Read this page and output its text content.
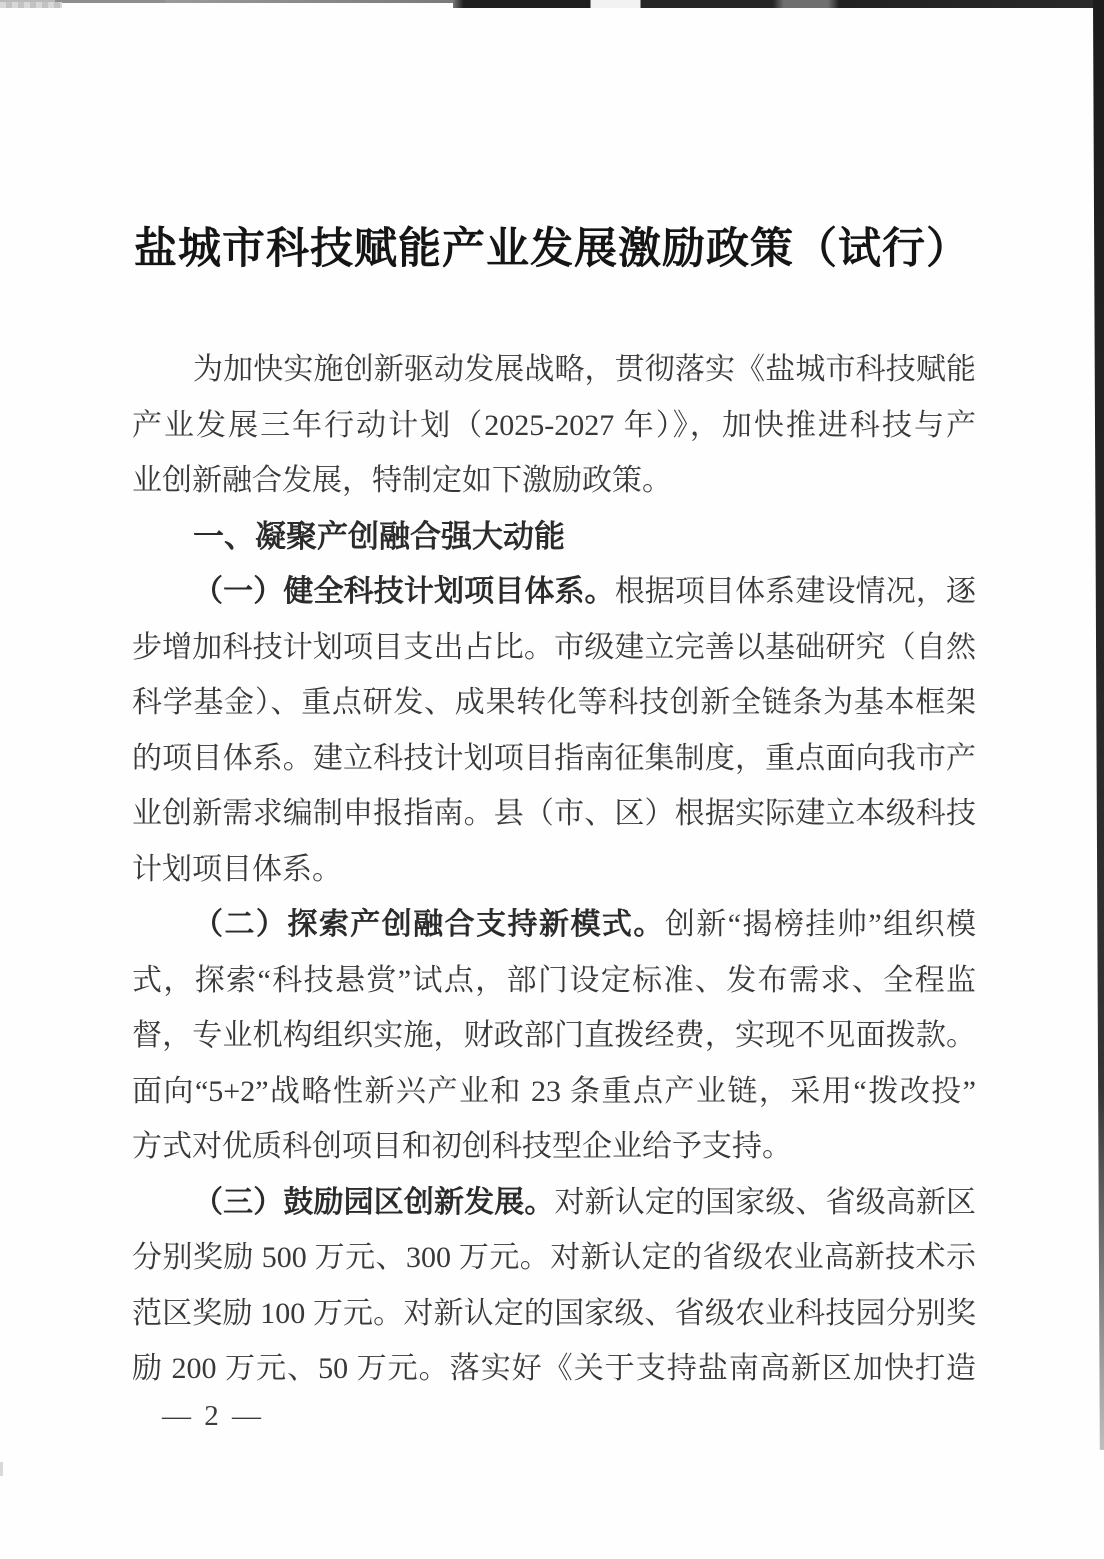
盐城市科技赋能产业发展激励政策（试行）
为加快实施创新驱动发展战略，贯彻落实《盐城市科技赋能
产业发展三年行动计划（2025-2027 年）》，加快推进科技与产
业创新融合发展，特制定如下激励政策。
一、凝聚产创融合强大动能
（一）健全科技计划项目体系。根据项目体系建设情况，逐
步增加科技计划项目支出占比。市级建立完善以基础研究（自然
科学基金）、重点研发、成果转化等科技创新全链条为基本框架
的项目体系。建立科技计划项目指南征集制度，重点面向我市产
业创新需求编制申报指南。县（市、区）根据实际建立本级科技
计划项目体系。
（二）探索产创融合支持新模式。创新“揭榜挂帅”组织模
式，探索“科技悬赏”试点，部门设定标准、发布需求、全程监
督，专业机构组织实施，财政部门直拨经费，实现不见面拨款。
面向“5+2”战略性新兴产业和 23 条重点产业链，采用“拨改投”
方式对优质科创项目和初创科技型企业给予支持。
（三）鼓励园区创新发展。对新认定的国家级、省级高新区
分别奖励 500 万元、300 万元。对新认定的省级农业高新技术示
范区奖励 100 万元。对新认定的国家级、省级农业科技园分别奖
励 200 万元、50 万元。落实好《关于支持盐南高新区加快打造
— 2 —
